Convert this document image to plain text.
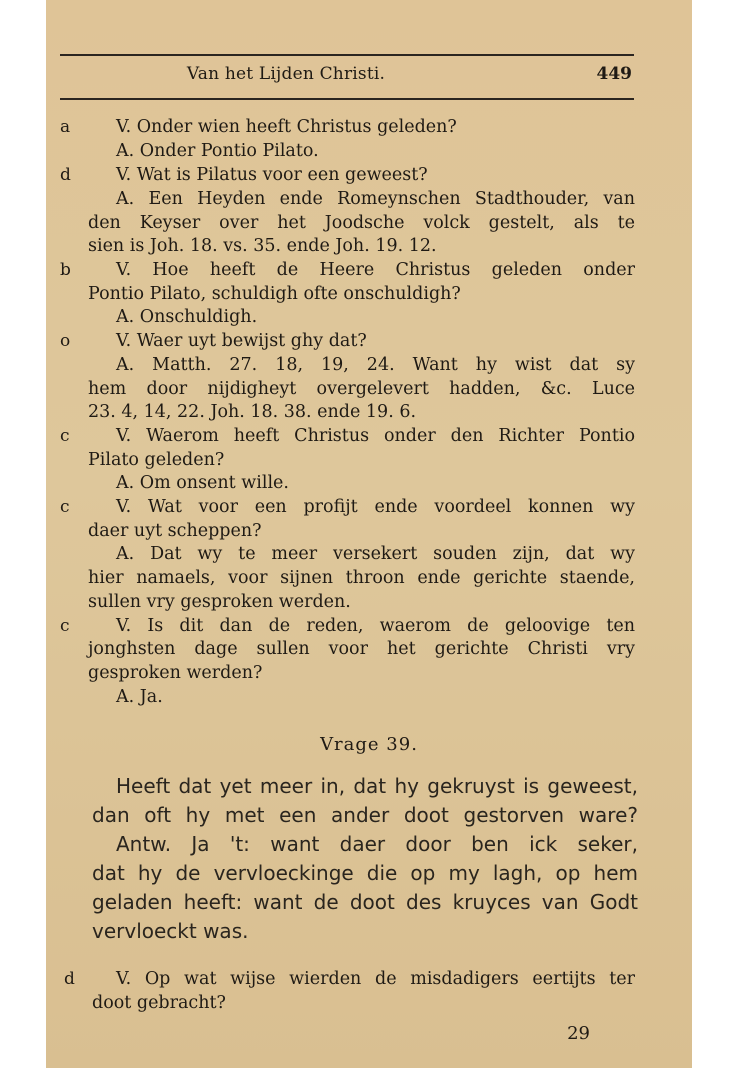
Van het Lijden Christi.	449
a	V. Onder wien heeft Christus geleden?
A. Onder Pontio Pilato.
d	V. Wat is Pilatus voor een geweest?
A. Een Heyden ende Romeynschen Stadthouder, van
den Keyser over het Joodsche volck gestelt, als te
sien is Joh. 18. vs. 35. ende Joh. 19. 12.
b	V. Hoe heeft de Heere Christus geleden onder
Pontio Pilato, schuldigh ofte onschuldigh?
A. Onschuldigh.
o	V. Waer uyt bewijst ghy dat?
A. Matth. 27. 18, 19, 24. Want hy wist dat sy
hem door nijdigheyt overgelevert hadden, &c. Luce
23. 4, 14, 22. Joh. 18. 38. ende 19. 6.
c	V. Waerom heeft Christus onder den Richter Pontio
Pilato geleden?
A. Om onsent wille.
c	V. Wat voor een profijt ende voordeel konnen wy
daer uyt scheppen?
A. Dat wy te meer versekert souden zijn, dat wy
hier namaels, voor sijnen throon ende gerichte staende,
sullen vry gesproken werden.
c	V. Is dit dan de reden, waerom de geloovige ten
jonghsten dage sullen voor het gerichte Christi vry
gesproken werden?
A. Ja.
Vrage 39.
Heeft dat yet meer in, dat hy gekruyst is geweest,
dan oft hy met een ander doot gestorven ware?
Antw. Ja 't: want daer door ben ick seker,
dat hy de vervloeckinge die op my lagh, op hem
geladen heeft: want de doot des kruyces van Godt
vervloeckt was.
d V. Op wat wijse wierden de misdadigers eertijts ter
doot gebracht?
29
